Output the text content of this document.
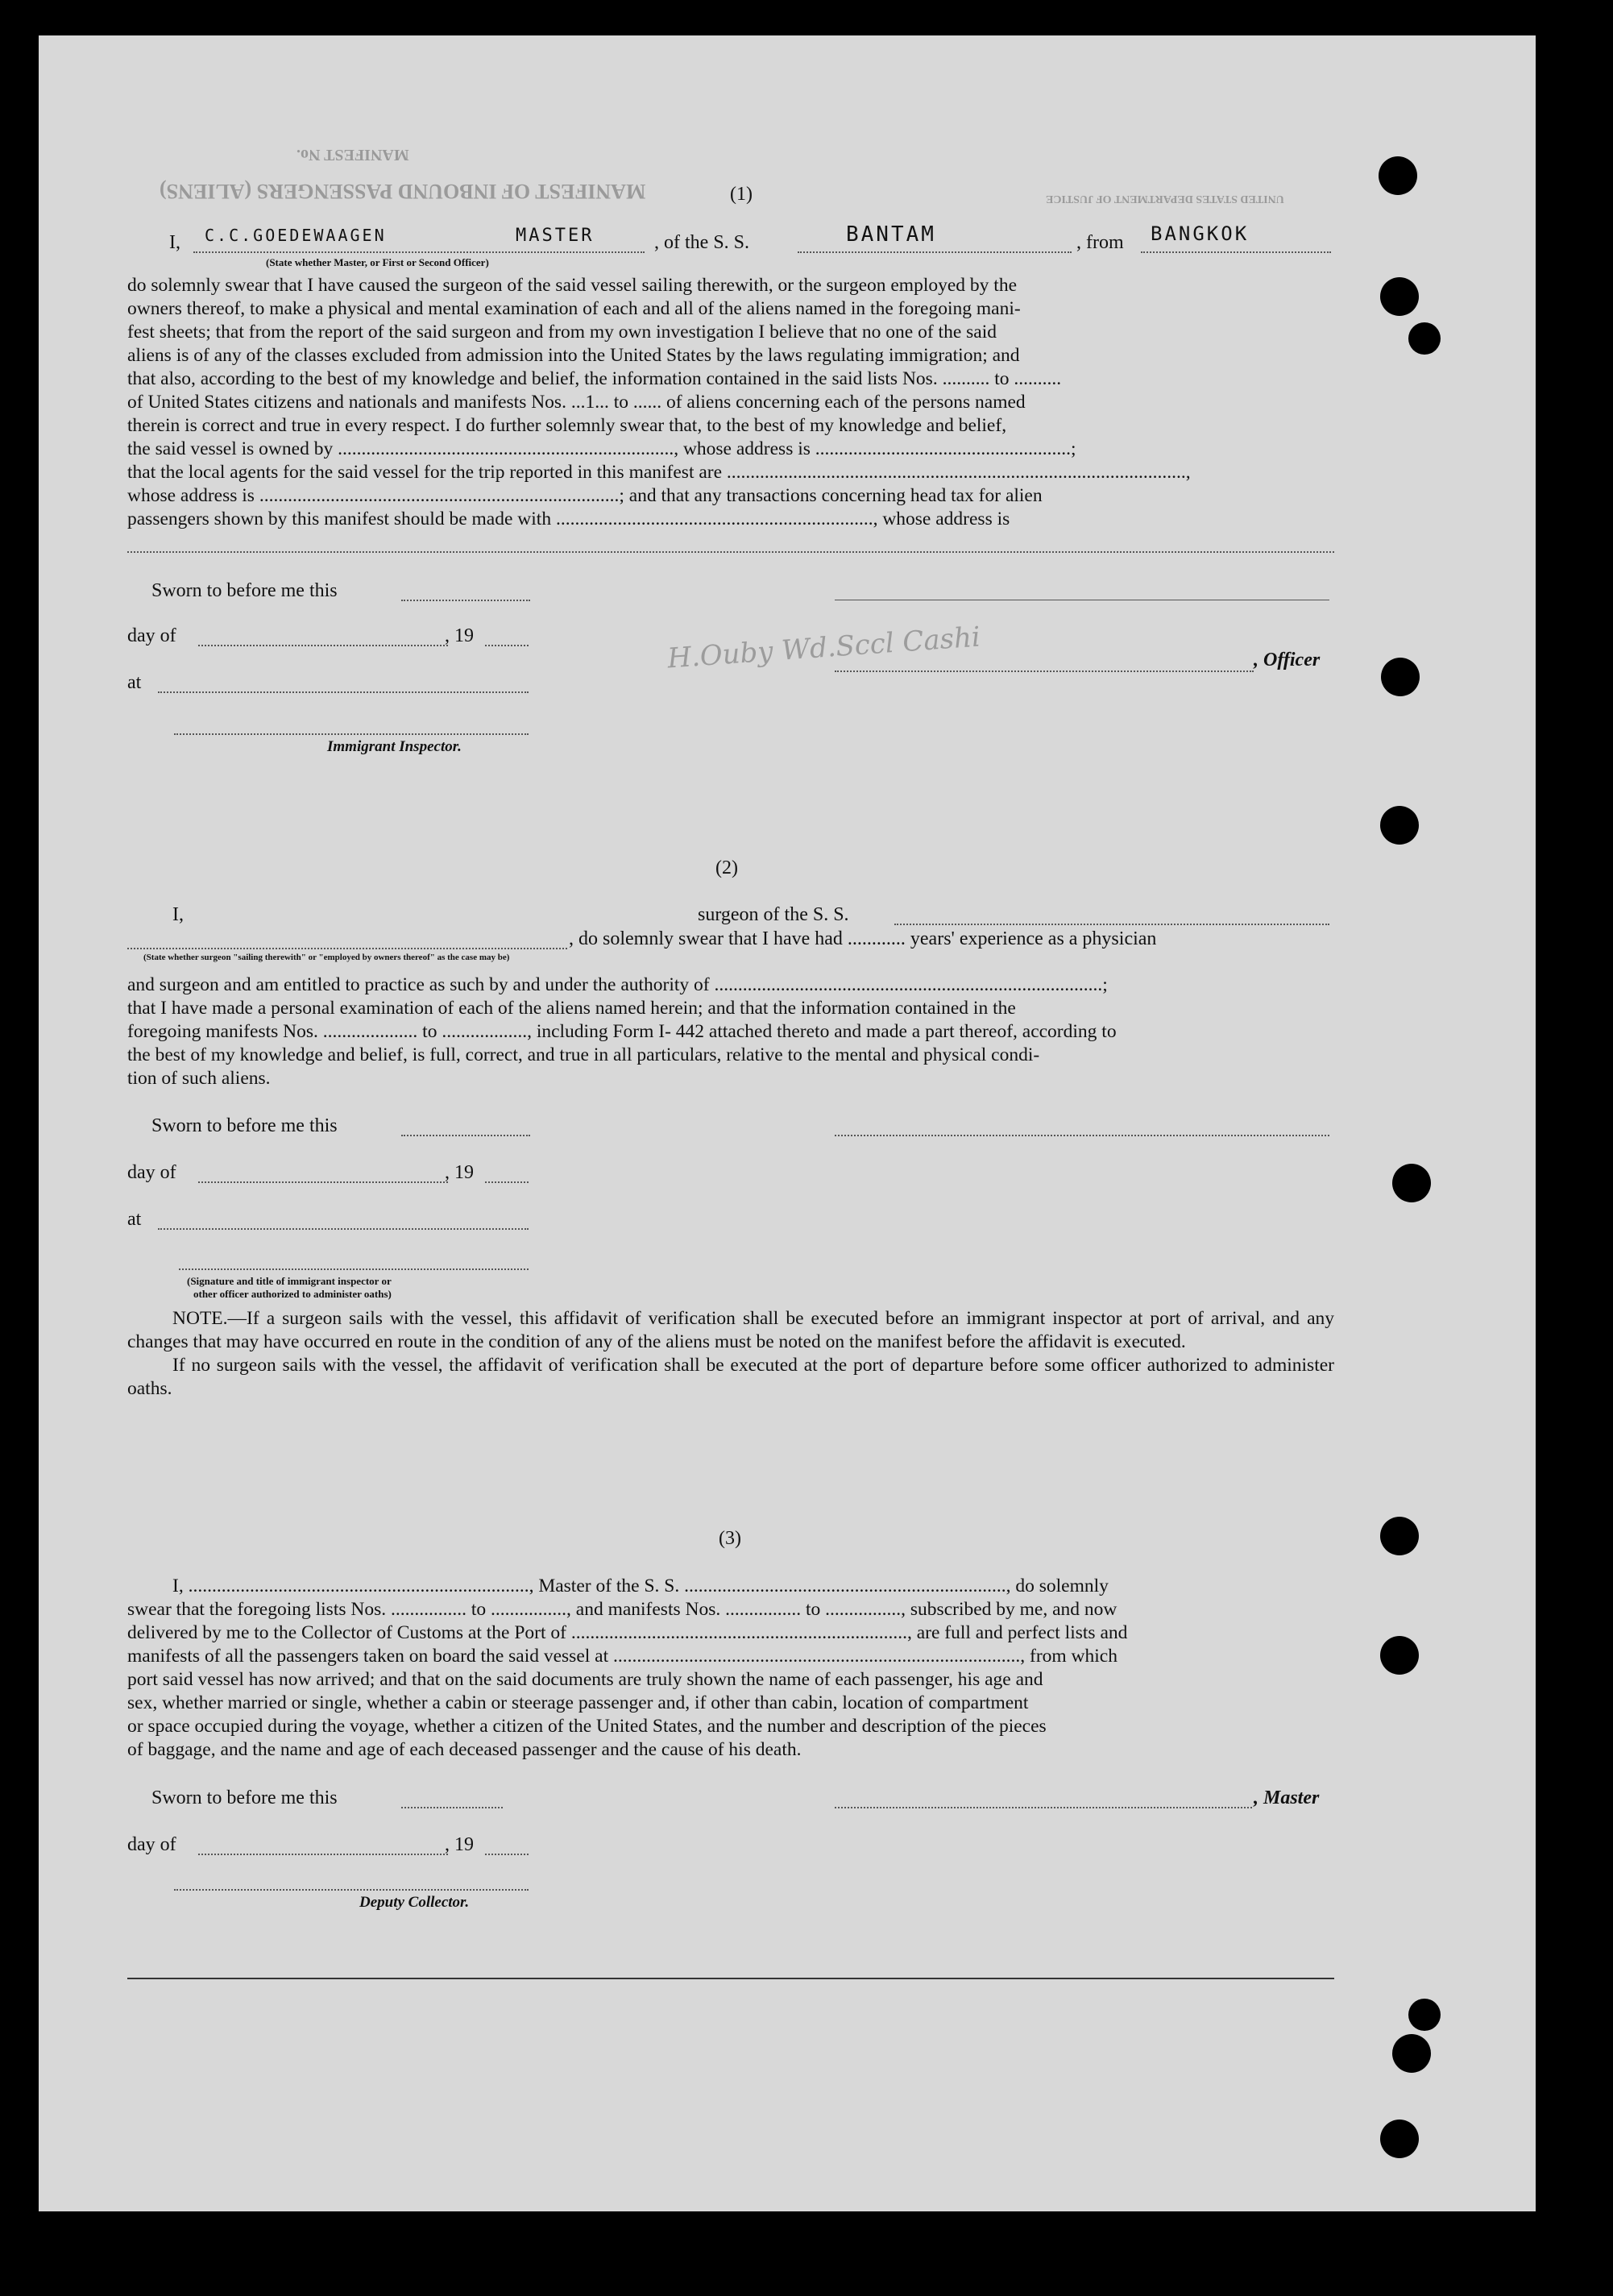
MANIFEST OF INBOUND PASSENGERS (ALIENS)
MANIFEST No.
UNITED STATES DEPARTMENT OF JUSTICE
H.Ouby Wd.Sccl Cashi
(1)
I, C.C.GOEDEWAAGEN	MASTER	, of the S. S.	BANTAM	, from BANGKOK
(State whether Master, or First or Second Officer)
do solemnly swear that I have caused the surgeon of the said vessel sailing therewith, or the surgeon employed by the
owners thereof, to make a physical and mental examination of each and all of the aliens named in the foregoing mani-
fest sheets; that from the report of the said surgeon and from my own investigation I believe that no one of the said
aliens is of any of the classes excluded from admission into the United States by the laws regulating immigration; and
that also, according to the best of my knowledge and belief, the information contained in the said lists Nos. .......... to ..........
of United States citizens and nationals and manifests Nos. ...1... to ...... of aliens concerning each of the persons named
therein is correct and true in every respect. I do further solemnly swear that, to the best of my knowledge and belief,
the said vessel is owned by ......................................................................., whose address is ......................................................;
that the local agents for the said vessel for the trip reported in this manifest are .................................................................................................,
whose address is ............................................................................; and that any transactions concerning head tax for alien
passengers shown by this manifest should be made with ..................................................................., whose address is
Sworn to before me this
day of	, 19
, Officer
at
Immigrant Inspector.
(2)
I,	surgeon of the S. S.
, do solemnly swear that I have had ............ years' experience as a physician
(State whether surgeon "sailing therewith" or "employed by owners thereof" as the case may be)
and surgeon and am entitled to practice as such by and under the authority of ..................................................................................;
that I have made a personal examination of each of the aliens named herein; and that the information contained in the
foregoing manifests Nos. .................... to .................., including Form I- 442 attached thereto and made a part thereof, according to
the best of my knowledge and belief, is full, correct, and true in all particulars, relative to the mental and physical condi-
tion of such aliens.
Sworn to before me this
day of	, 19
at
(Signature and title of immigrant inspector or
other officer authorized to administer oaths)
NOTE.—If a surgeon sails with the vessel, this affidavit of verification shall be executed before an immigrant inspector at port of arrival, and any changes that may have occurred en route in the condition of any of the aliens must be noted on the manifest before the affidavit is executed.
If no surgeon sails with the vessel, the affidavit of verification shall be executed at the port of departure before some officer authorized to administer oaths.
(3)
I, ........................................................................, Master of the S. S. ...................................................................., do solemnly
swear that the foregoing lists Nos. ................ to ................, and manifests Nos. ................ to ................, subscribed by me, and now
delivered by me to the Collector of Customs at the Port of ......................................................................., are full and perfect lists and
manifests of all the passengers taken on board the said vessel at ......................................................................................, from which
port said vessel has now arrived; and that on the said documents are truly shown the name of each passenger, his age and
sex, whether married or single, whether a cabin or steerage passenger and, if other than cabin, location of compartment
or space occupied during the voyage, whether a citizen of the United States, and the number and description of the pieces
of baggage, and the name and age of each deceased passenger and the cause of his death.
Sworn to before me this	, Master
day of	, 19
Deputy Collector.
